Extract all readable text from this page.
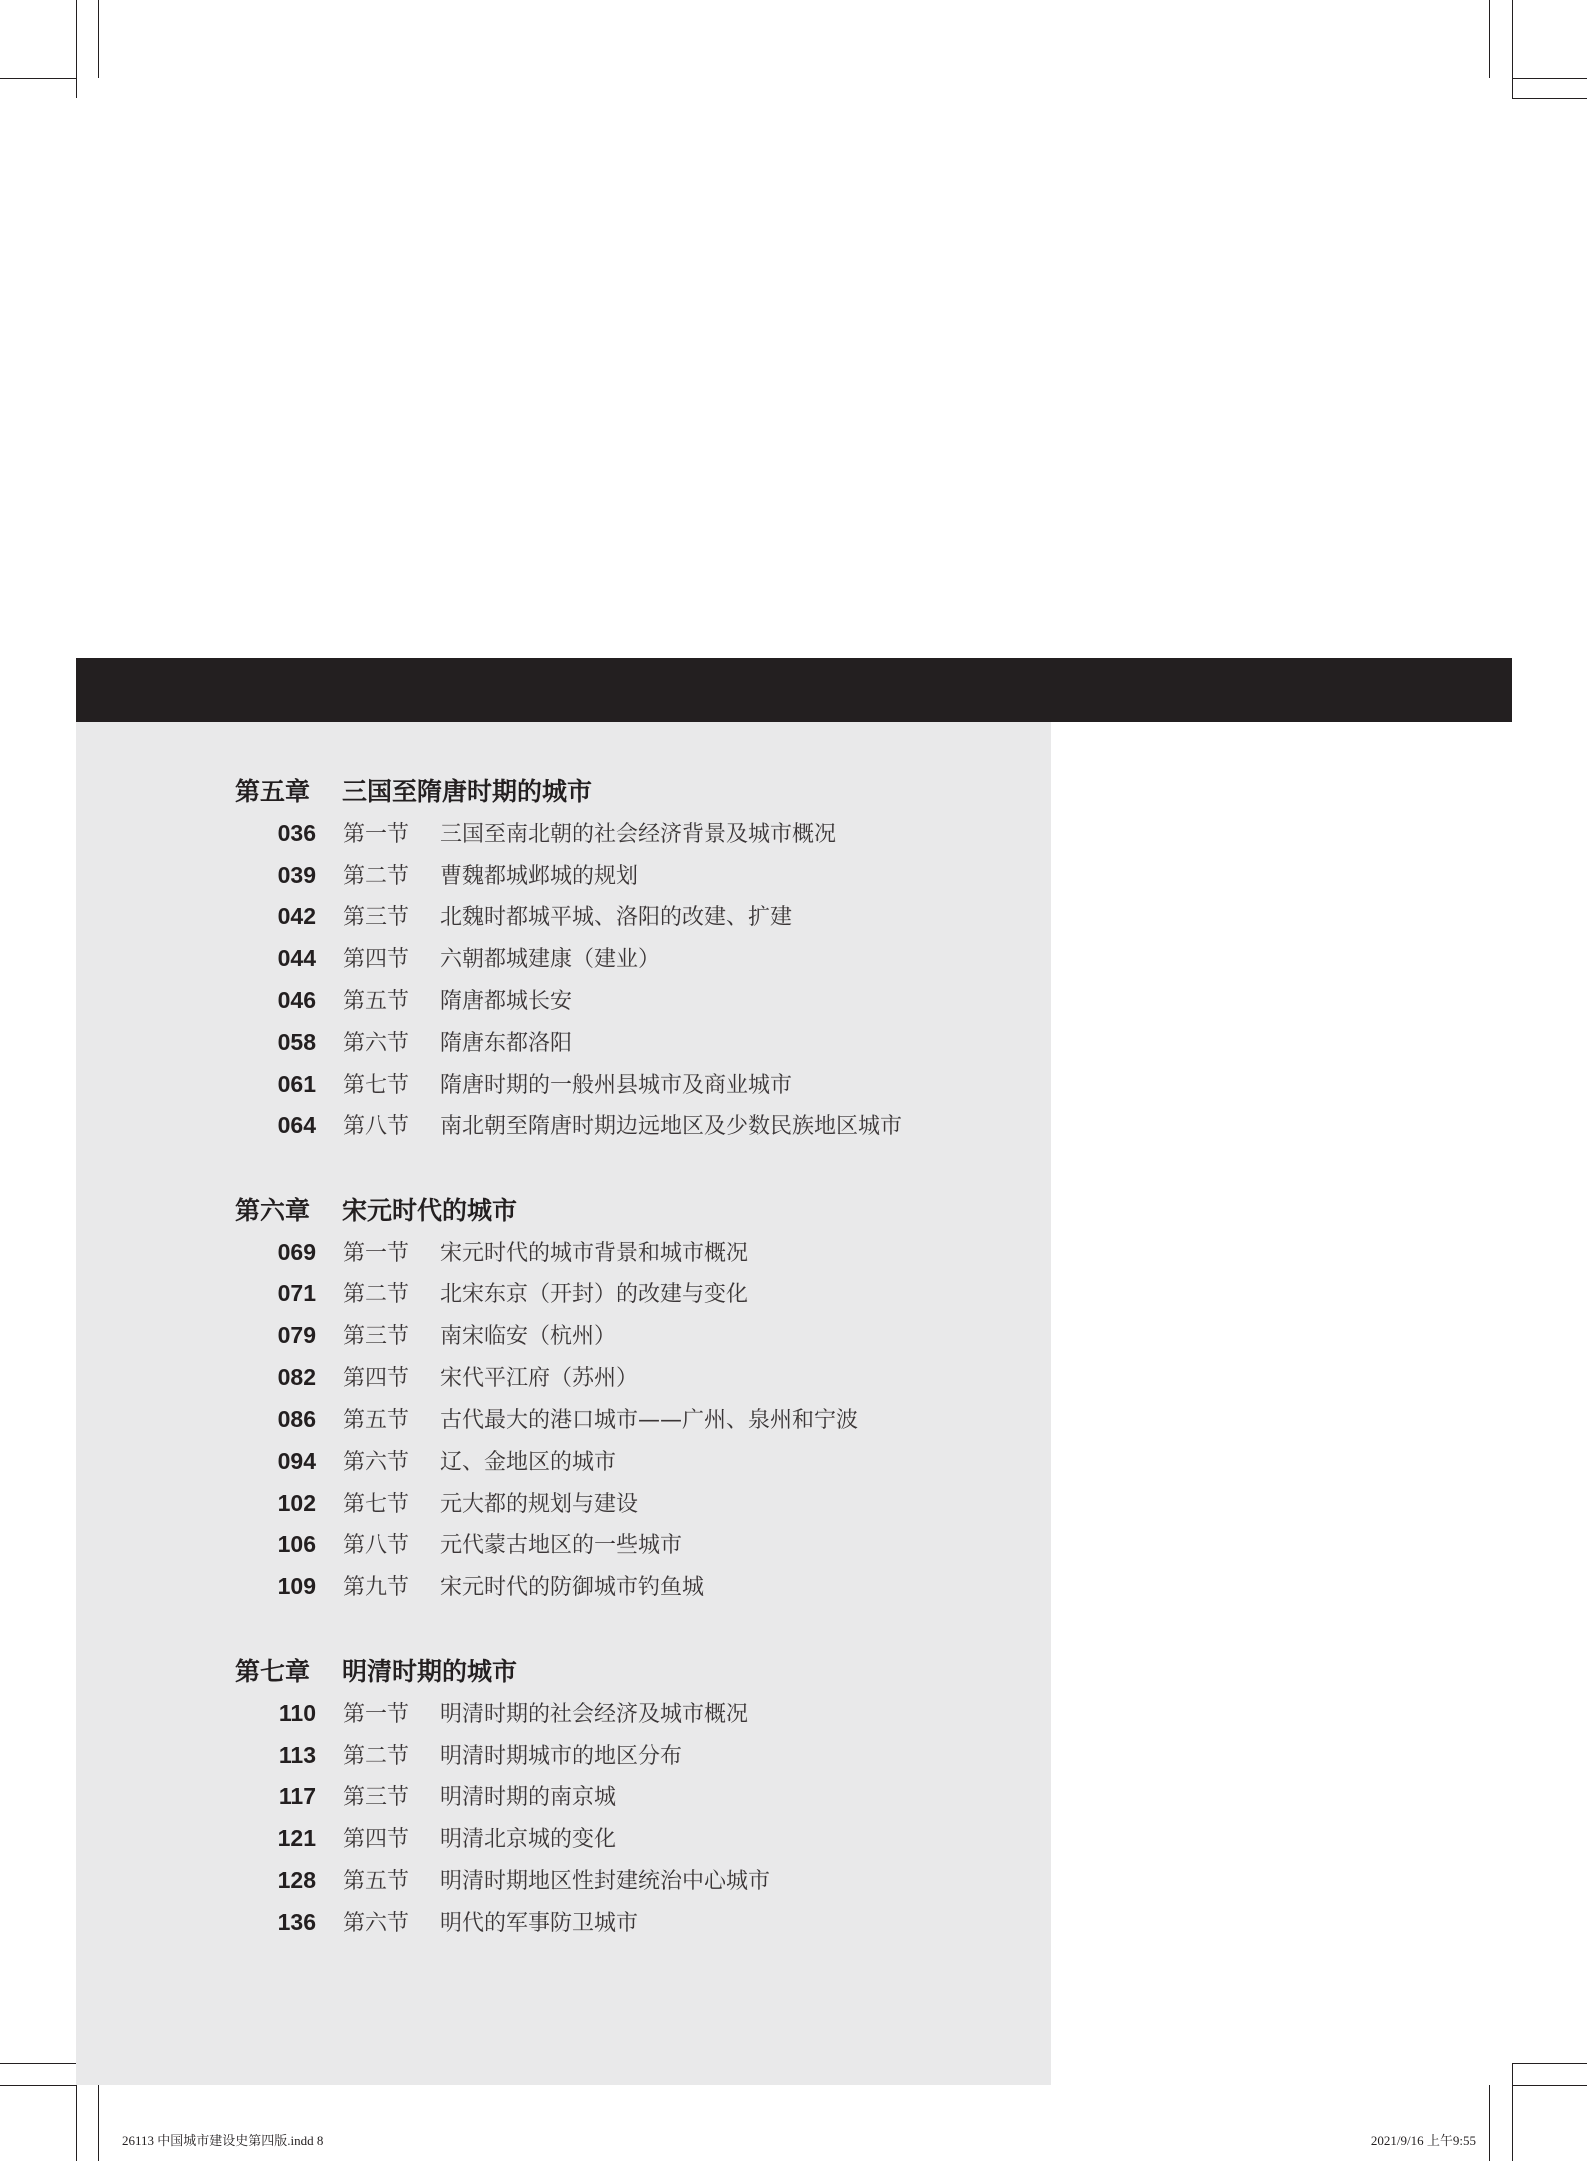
第五章 三国至隋唐时期的城市
036 第一节 三国至南北朝的社会经济背景及城市概况
039 第二节 曹魏都城邺城的规划
042 第三节 北魏时都城平城、洛阳的改建、扩建
044 第四节 六朝都城建康（建业）
046 第五节 隋唐都城长安
058 第六节 隋唐东都洛阳
061 第七节 隋唐时期的一般州县城市及商业城市
064 第八节 南北朝至隋唐时期边远地区及少数民族地区城市
第六章 宋元时代的城市
069 第一节 宋元时代的城市背景和城市概况
071 第二节 北宋东京（开封）的改建与变化
079 第三节 南宋临安（杭州）
082 第四节 宋代平江府（苏州）
086 第五节 古代最大的港口城市——广州、泉州和宁波
094 第六节 辽、金地区的城市
102 第七节 元大都的规划与建设
106 第八节 元代蒙古地区的一些城市
109 第九节 宋元时代的防御城市钓鱼城
第七章 明清时期的城市
110 第一节 明清时期的社会经济及城市概况
113 第二节 明清时期城市的地区分布
117 第三节 明清时期的南京城
121 第四节 明清北京城的变化
128 第五节 明清时期地区性封建统治中心城市
136 第六节 明代的军事防卫城市
26113 中国城市建设史第四版.indd 8	2021/9/16 上午9:55
